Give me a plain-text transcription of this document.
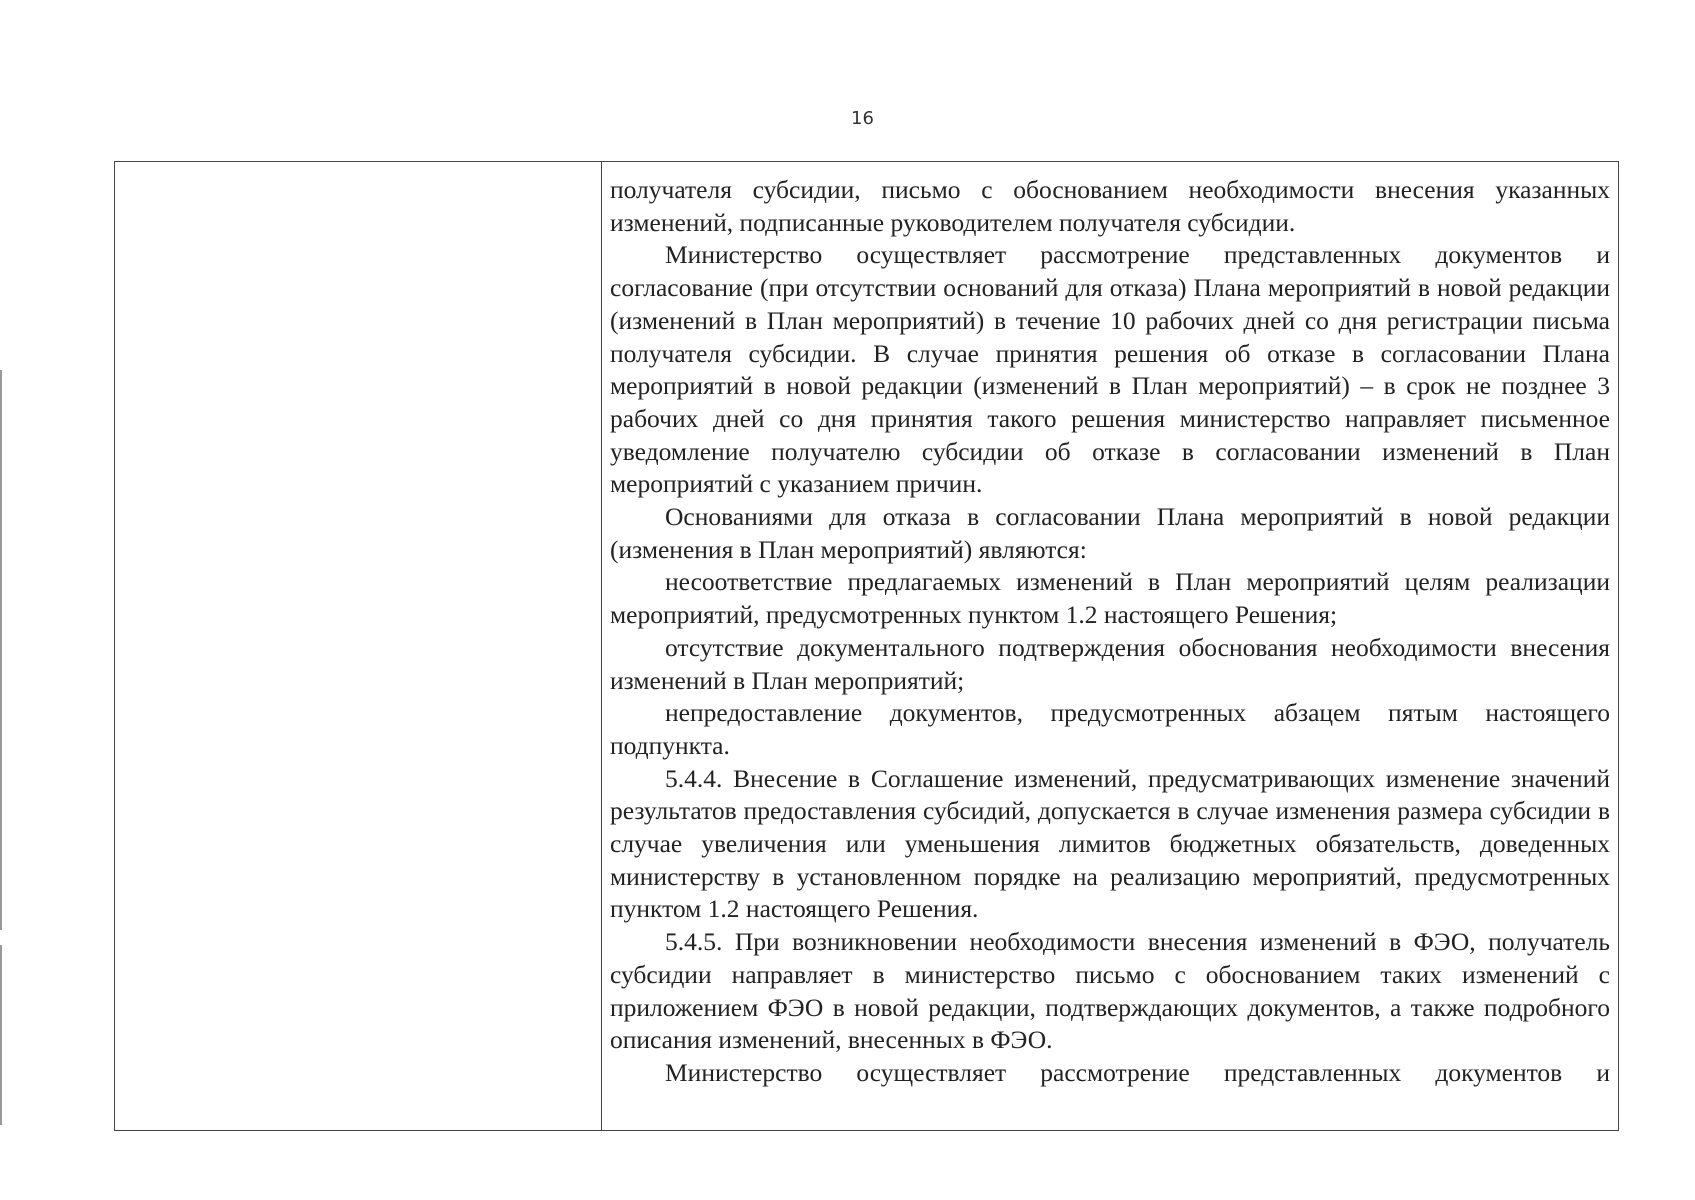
16

получателя субсидии, письмо с обоснованием необходимости внесения указанных изменений, подписанные руководителем получателя субсидии.

Министерство осуществляет рассмотрение представленных документов и согласование (при отсутствии оснований для отказа) Плана мероприятий в новой редакции (изменений в План мероприятий) в течение 10 рабочих дней со дня регистрации письма получателя субсидии. В случае принятия решения об отказе в согласовании Плана мероприятий в новой редакции (изменений в План мероприятий) – в срок не позднее 3 рабочих дней со дня принятия такого решения министерство направляет письменное уведомление получателю субсидии об отказе в согласовании изменений в План мероприятий с указанием причин.

Основаниями для отказа в согласовании Плана мероприятий в новой редакции (изменения в План мероприятий) являются:

несоответствие предлагаемых изменений в План мероприятий целям реализации мероприятий, предусмотренных пунктом 1.2 настоящего Решения;

отсутствие документального подтверждения обоснования необходимости внесения изменений в План мероприятий;

непредоставление документов, предусмотренных абзацем пятым настоящего подпункта.

5.4.4. Внесение в Соглашение изменений, предусматривающих изменение значений результатов предоставления субсидий, допускается в случае изменения размера субсидии в случае увеличения или уменьшения лимитов бюджетных обязательств, доведенных министерству в установленном порядке на реализацию мероприятий, предусмотренных пунктом 1.2 настоящего Решения.

5.4.5. При возникновении необходимости внесения изменений в ФЭО, получатель субсидии направляет в министерство письмо с обоснованием таких изменений с приложением ФЭО в новой редакции, подтверждающих документов, а также подробного описания изменений, внесенных в ФЭО.

Министерство осуществляет рассмотрение представленных документов и
